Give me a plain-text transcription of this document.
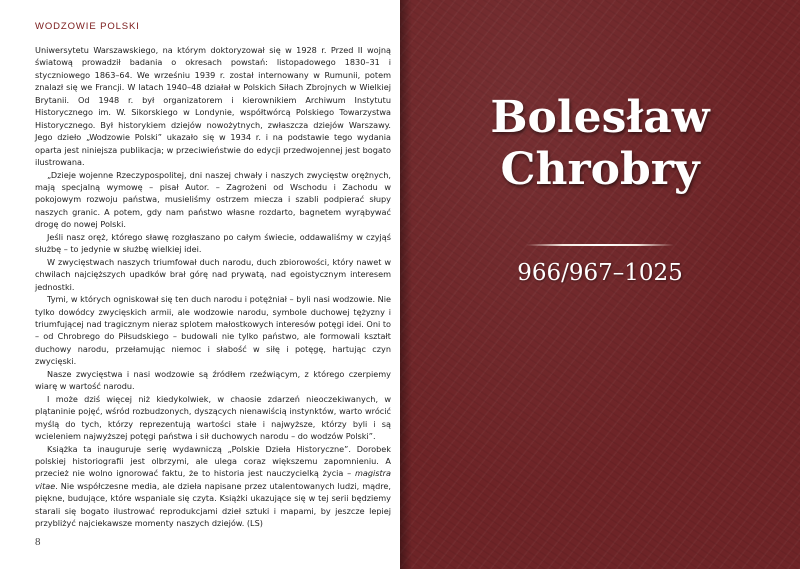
WODZOWIE POLSKI

Uniwersytetu Warszawskiego, na którym doktoryzował się w 1928 r. Przed II wojną światową prowadził badania o okresach powstań: listopadowego 1830–31 i styczniowego 1863–64. We wrześniu 1939 r. został internowany w Rumunii, potem znalazł się we Francji. W latach 1940–48 działał w Polskich Siłach Zbrojnych w Wielkiej Brytanii. Od 1948 r. był organizatorem i kierownikiem Archiwum Instytutu Historycznego im. W. Sikorskiego w Londynie, współtwórcą Polskiego Towarzystwa Historycznego. Był historykiem dziejów nowożytnych, zwłaszcza dziejów Warszawy. Jego dzieło „Wodzowie Polski” ukazało się w 1934 r. i na podstawie tego wydania oparta jest niniejsza publikacja; w przeciwieństwie do edycji przedwojennej jest bogato ilustrowana.

„Dzieje wojenne Rzeczypospolitej, dni naszej chwały i naszych zwycięstw orężnych, mają specjalną wymowę – pisał Autor. – Zagrożeni od Wschodu i Zachodu w pokojowym rozwoju państwa, musieliśmy ostrzem miecza i szabli podpierać słupy naszych granic. A potem, gdy nam państwo własne rozdarto, bagnetem wyrąbywać drogę do nowej Polski.

Jeśli nasz oręż, którego sławę rozgłaszano po całym świecie, oddawaliśmy w czyjąś służbę – to jedynie w służbę wielkiej idei.

W zwycięstwach naszych triumfował duch narodu, duch zbiorowości, który nawet w chwilach najcięższych upadków brał górę nad prywatą, nad egoistycznym interesem jednostki.

Tymi, w których ogniskował się ten duch narodu i potężniał – byli nasi wodzowie. Nie tylko dowódcy zwycięskich armii, ale wodzowie narodu, symbole duchowej tężyzny i triumfującej nad tragicznym nieraz splotem małostkowych interesów potęgi idei. Oni to – od Chrobrego do Piłsudskiego – budowali nie tylko państwo, ale formowali kształt duchowy narodu, przełamując niemoc i słabość w siłę i potęgę, hartując czyn zwycięski.

Nasze zwycięstwa i nasi wodzowie są źródłem rzeźwiącym, z którego czerpiemy wiarę w wartość narodu.

I może dziś więcej niż kiedykolwiek, w chaosie zdarzeń nieoczekiwanych, w plątaninie pojęć, wśród rozbudzonych, dyszących nienawiścią instynktów, warto wrócić myślą do tych, którzy reprezentują wartości stałe i najwyższe, którzy byli i są wcieleniem najwyższej potęgi państwa i sił duchowych narodu – do wodzów Polski”.

Książka ta inauguruje serię wydawniczą „Polskie Dzieła Historyczne”. Dorobek polskiej historiografii jest olbrzymi, ale ulega coraz większemu zapomnieniu. A przecież nie wolno ignorować faktu, że to historia jest nauczycielką życia – magistra vitae. Nie współczesne media, ale dzieła napisane przez utalentowanych ludzi, mądre, piękne, budujące, które wspaniale się czyta. Książki ukazujące się w tej serii będziemy starali się bogato ilustrować reprodukcjami dzieł sztuki i mapami, by jeszcze lepiej przybliżyć najciekawsze momenty naszych dziejów. (LS)

8
Bolesław
Chrobry
966/967–1025
